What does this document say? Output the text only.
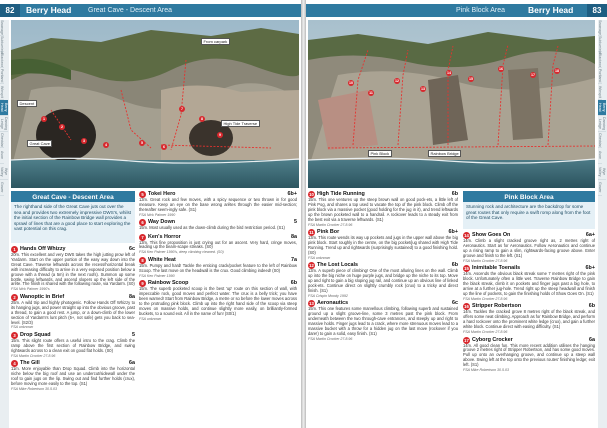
82	Berry Head Great Cave - Descent Area
Swanage
Subluminal
Blacknor
Portland
Winspit
Berry Head
Dancing Ledge
Cheddar
Avon
Wye Valley
Gower
Descent
Great Cave
High Tide Traverse
From carpark
1
2
3
4	5
6
7
8
9
Great Cave - Descent Area
The righthand side of the Great Cave juts out over the sea and provides two extremely impressive DWS's, whilst the initial section of the Rainbow Bridge wall provides a sprawl of lines that are a good place to start exploring the vast potential on this crag.
1 Hands Off Whizzy	6c
20m. This excellent and very DWS takes the high jutting prow left of Yardarm. Start on the upper portion of the easy way down into the Great Cave. Traverse leftwards across the recess/horizontal break with increasing difficulty to arrive in a very exposed position below a groove with a thread (a 5m) in the next roofs). Summon up some bottle, swing leftwards, and ascend slopers up the left side of the arête. The finish is shared with the following route, via Yardarm. (S0)
FSA Nick Palmer 1990's
2 Wanoptic in Brief	8a
25m. A wild trip and highly photogenic. Follow Hands Off Whizzy to its hanging jugs, and power straight up into the obvious groove, past a thread, to gain a good rest. A jump, or a down-climb of the lower section of Yardarm's lunt pitch (5+, not safe) gets you back to sea-level. (S2/3)
FSA unknown
3 Drop Squad	5
15m. This slight route offers a useful intro to the crag. Climb the ramp above the first section of Rainbow Bridge, and swing rightwards across to a clean exit on good flat holds. (S0)
FSA Martin Crocker 27.8.96
4 The Gill	6a
11m. More enjoyable than Drop Squad. Climb into the horizontal niche below the big roof and use an undercut/sidewall under the roof to gain jugs on the lip. Swing out and find further holds (crux), before moving more easily to the top. (S1)
FSA Mike Robertson 30.5.03
5 Tokei Hero	6b+
13m. Great rock and few moves, with a spicy sequence or two thrown in for good measure. Keep an eye on the base wrong arêtes through the easier mid-section; thereafter seem-ingly safe. (S1)
FSA Nick Palmer 1990
6 Way Down	5
15m. Most usually used as the down-climb during the bird restriction period. (S1)
7 Ken's Horror	8a
13m. This fine proposition is just crying out for an ascent. Very hard, cringe moves, leading up the beam-scape streaks. (S0)
FSA Ken Palmer 1990's, deep climbing cleaned. (S0)
8 White Heat	7a
15m. Pumpy and hard! Tackle the enticing crack/pocket feature to the left of Rainbow Scoop. The last move on the headwall is the crux. Good climbing indeed! (S0)
FSA Ken Palmer 1990
9 Rainbow Scoop	6b
15m. The superb pocketed scoop is the best 'up' route on this section of wall, with impeccable rock, good moves and perfect water. The crux is a belly trick; you have been warned! Start from Rainbow Bridge, a metre or so before the lower moves across to the protruding pink block. Climb up into the right hand side of the scoop via steep moves on massive holds, and continue slightly more easily, on brilliantly-formed buckets, to a sound exit. All in the name of fun! (S0/1)
FSA unknown
Pink Block Area	Berry Head	83
Swanage
Subluminal
Blacknor
Portland
Winspit
Berry Head
Dancing Ledge
Cheddar
Avon
Wye Valley
Gower
Rainbow Bridge
Pink Block
10
11
12
13
14
15
16
17
18
Pink Block Area
Stunning rock and architecture are the backdrop for some great routes that only require a swift romp along from the foot of the Great Cave.
10 High Tide Running	6b
15m. This one ventures up the steep brown wall on good pock-ets, a little left of Pink Pog, and shares a top used to vacate the top of the pink block. Climb off the pink block via a massive pocket (good holding for the jug in it), and trend leftwards up the brown pocketed wall to a handrail. A rockover leads to a steady exit from the best exit via a traverse leftwards. (S1)
FSA Martin Crocker 27.8.96
11 Pink Bor	6b+
13m. This route wends its way up pockets and jugs in the upper wall above the big pink block. Start roughly in the centre, on the big pocket/jug shared with High Tide Running. Trend up and rightwards (surprisingly sustained) to a good finishing hold. (S0)
FSA unknown
12 The Lost Locals	6b
13m. A superb piece of climbing! One of the most alluring lines on the wall. Climb up into the big niche on huge purple jugs, and bridge up the niche to its top. Move up and right to gain a big sloping jug rail, and continue up an obvious line of linked pock-ets. Continue direct on slightly crumbly rock (crux) to a tricky and direct finish. (S1)
FSA Crispin Moody 1992
13 Aeronautics	6c
15m. This one features some marvellous climbing, following superb and sustained ground up a slight groove-line, some 3 metres past the pink block. From underneath between the two through-cave entrances, and steeply up and right to massive holds. Finger jugs lead to a crack, where more strenuous moves lead to a massive bucket with a throw for a hidden jug on the last move (rockover if you dare!) to gain a solid, easy finish. (S1)
FSA Martin Crocker 27.8.96
14 Show Goes On	6a+
14m. Climb a slight cracked groove right as, 2 metres right of Aeronautics. Start as for Aeronautics. Follow Aeronautics and continue up a rising ramp to gain a slim, rightwards-facing groove above. Enter groove and finish to the left. (S1)
FSA Martin Crocker 27.8.96
15 Inimitable Toenails	6b+
14m. Ascends the obvious black streak some 7 metres right of the pink block. Unfortunately often a little wet. Traverse Rainbow Bridge to gain the black streak, climb it on pockets and finger jugs past a big hole, to arrive at a further jug-hole. Trend right up the steep headwall and finish up the line of pockets, to gain the finishing holds of Show Goes On. (S1)
FSA Martin Crocker 27.8.96
16 Stripper Robertson	6b
14m. Tackles the cracked grove 8 metres right of the black streak, and offers some neat climbing. Approach as for Rainbow Bridge, and perform a hard rockover onto the prominent white ledge (crux), and gain a further white block. Continue direct with easing difficulty. (S1)
FSA Martin Crocker 27.8.96
17 Cyborg Crocker	6a
14m. All good clean fun. This more recent addition utilises the hanging groove 2 metres right of Stripper Robertson, and has some good moves. Pull up onto an overhanging groove, and continue up a steep wall above. Swing left at the top onto the previous routes' finishing ledge; exit left. (S1)
FSA Mike Robertson 30.5.03
